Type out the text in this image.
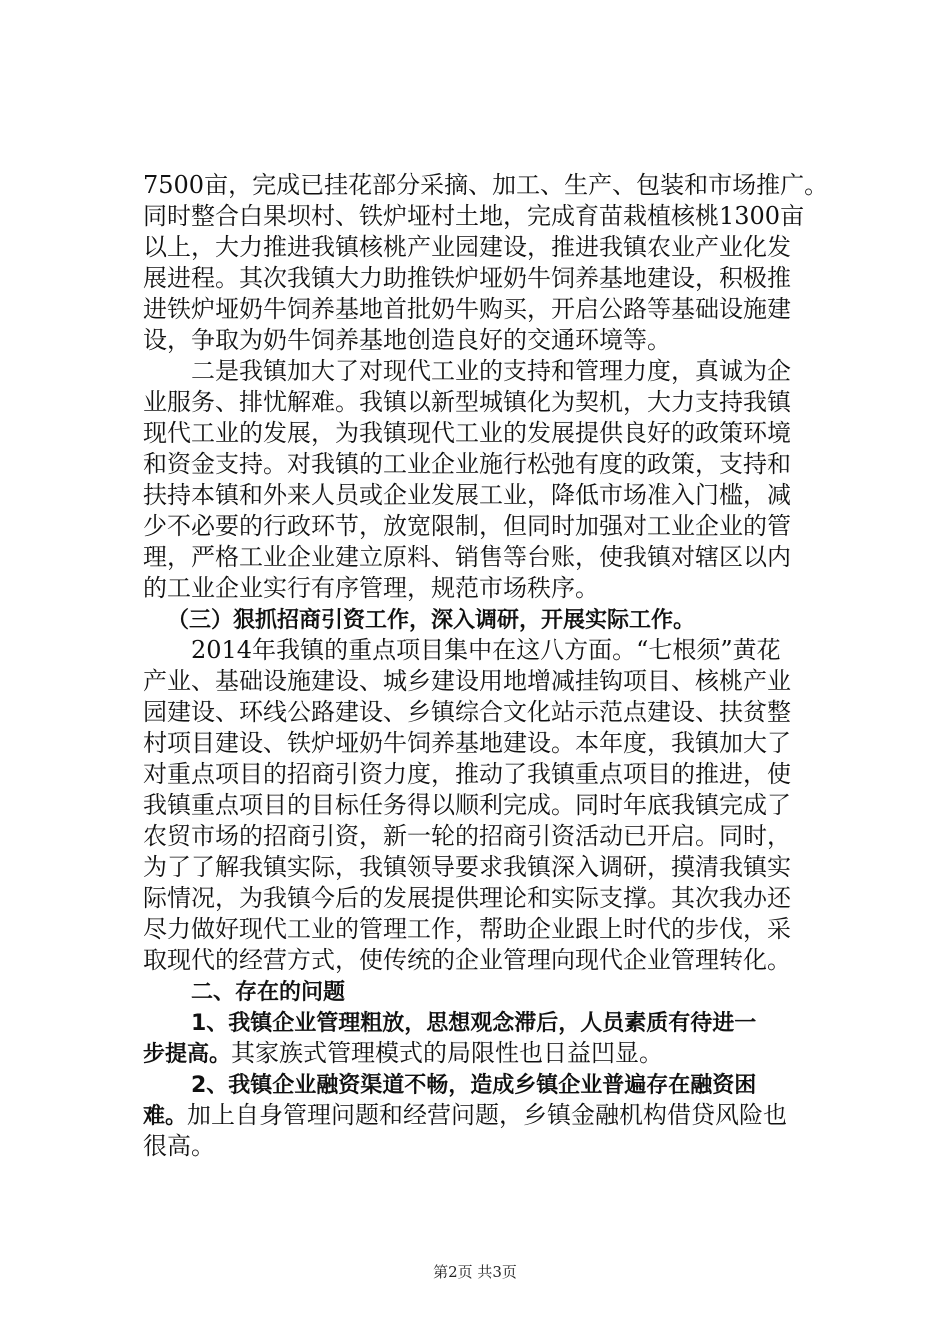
7500亩，完成已挂花部分采摘、加工、生产、包装和市场推广。
同时整合白果坝村、铁炉垭村土地，完成育苗栽植核桃1300亩
以上，大力推进我镇核桃产业园建设，推进我镇农业产业化发
展进程。其次我镇大力助推铁炉垭奶牛饲养基地建设，积极推
进铁炉垭奶牛饲养基地首批奶牛购买，开启公路等基础设施建
设，争取为奶牛饲养基地创造良好的交通环境等。
二是我镇加大了对现代工业的支持和管理力度，真诚为企
业服务、排忧解难。我镇以新型城镇化为契机，大力支持我镇
现代工业的发展，为我镇现代工业的发展提供良好的政策环境
和资金支持。对我镇的工业企业施行松弛有度的政策，支持和
扶持本镇和外来人员或企业发展工业，降低市场准入门槛，减
少不必要的行政环节，放宽限制，但同时加强对工业企业的管
理，严格工业企业建立原料、销售等台账，使我镇对辖区以内
的工业企业实行有序管理，规范市场秩序。
（三）狠抓招商引资工作，深入调研，开展实际工作。
2014年我镇的重点项目集中在这八方面。“七根须”黄花
产业、基础设施建设、城乡建设用地增减挂钩项目、核桃产业
园建设、环线公路建设、乡镇综合文化站示范点建设、扶贫整
村项目建设、铁炉垭奶牛饲养基地建设。本年度，我镇加大了
对重点项目的招商引资力度，推动了我镇重点项目的推进，使
我镇重点项目的目标任务得以顺利完成。同时年底我镇完成了
农贸市场的招商引资，新一轮的招商引资活动已开启。同时，
为了了解我镇实际，我镇领导要求我镇深入调研，摸清我镇实
际情况，为我镇今后的发展提供理论和实际支撑。其次我办还
尽力做好现代工业的管理工作，帮助企业跟上时代的步伐，采
取现代的经营方式，使传统的企业管理向现代企业管理转化。
二、存在的问题
1、我镇企业管理粗放，思想观念滞后，人员素质有待进一
步提高。其家族式管理模式的局限性也日益凹显。
2、我镇企业融资渠道不畅，造成乡镇企业普遍存在融资困
难。加上自身管理问题和经营问题，乡镇金融机构借贷风险也
很高。
第2页 共3页
